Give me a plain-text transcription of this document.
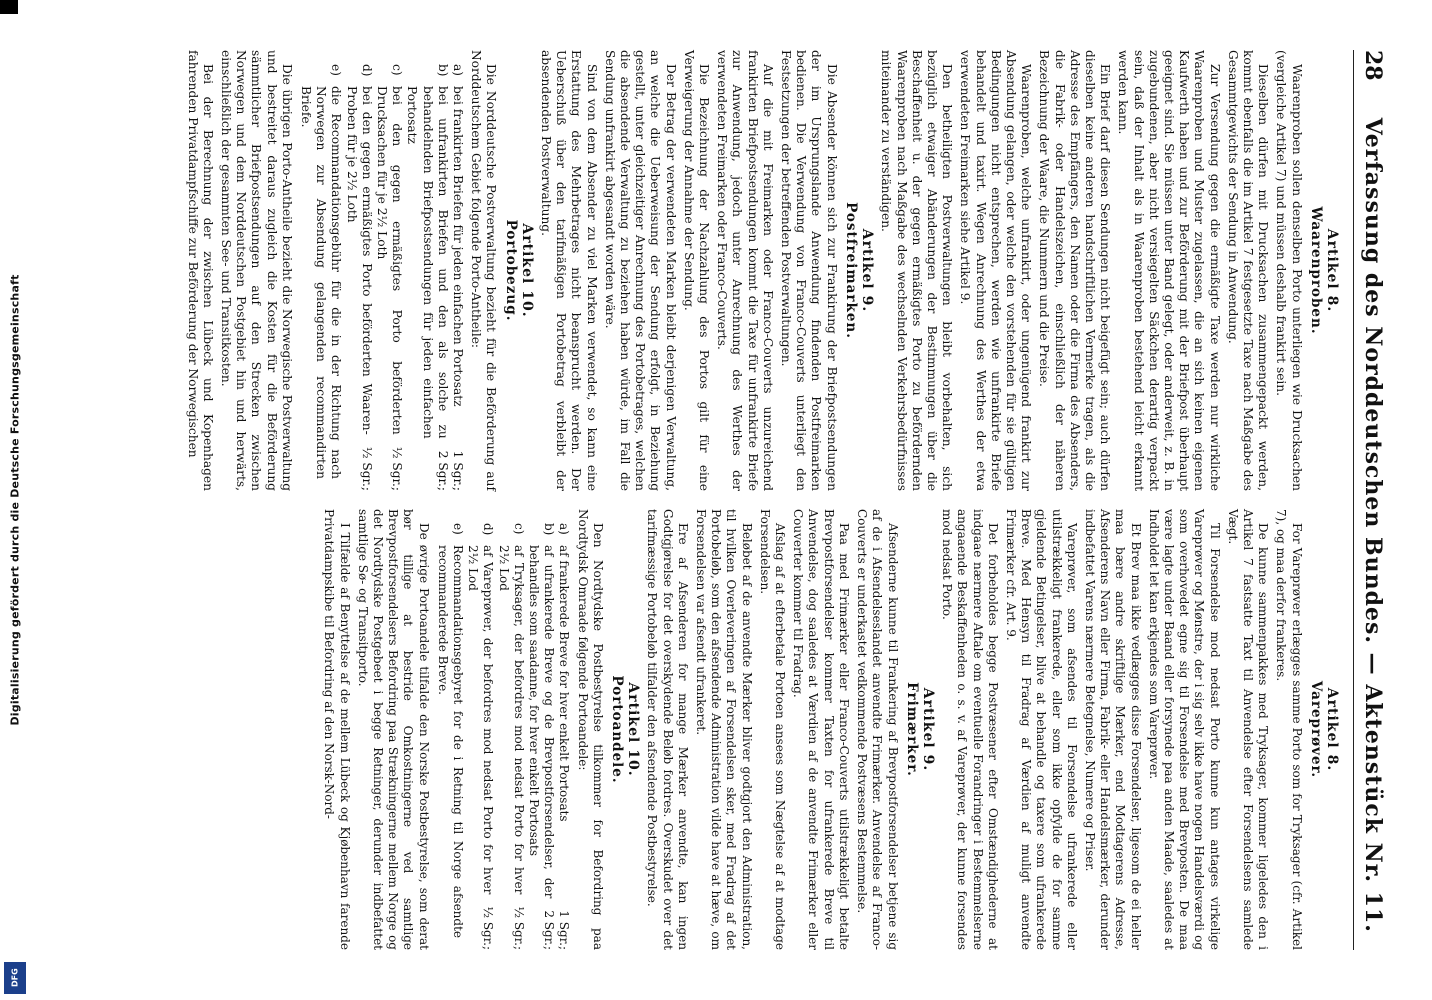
28
Verfassung des Norddeutschen Bundes. — Aktenstück Nr. 11.
Artikel 8.
Waarenproben.
Waarenproben sollen denselben Porto unterliegen wie Drucksachen (vergleiche Artikel 7) und müssen deshalb frankirt sein.
Dieselben dürfen mit Drucksachen zusammengepackt werden, kommt ebenfalls die im Artikel 7 festgesetzte Taxe nach Maßgabe des Gesammtgewichts der Sendung in Anwendung.
Zur Versendung gegen die ermäßigte Taxe werden nur wirkliche Waarenproben und Muster zugelassen, die an sich keinen eigenen Kaufwerth haben und zur Beförderung mit der Briefpost überhaupt geeignet sind. Sie müssen unter Band gelegt, oder anderweit, z. B. in zugebundenen, aber nicht versiegelten Säckchen derartig verpackt sein, daß der Inhalt als in Waarenproben bestehend leicht erkannt werden kann.
Ein Brief darf diesen Sendungen nicht beigefügt sein; auch dürfen dieselben keine anderen handschriftlichen Vermerke tragen, als die Adresse des Empfängers, den Namen oder die Firma des Absenders, die Fabrik- oder Handelszeichen, einschließlich der näheren Bezeichnung der Waare, die Nummern und die Preise.
Waarenproben, welche unfrankirt, oder ungenügend frankirt zur Absendung gelangen, oder welche den vorstehenden für sie gültigen Bedingungen nicht entsprechen, werden wie unfrankirte Briefe behandelt und taxirt. Wegen Anrechnung des Werthes der etwa verwendeten Freimarken siehe Artikel 9.
Den betheiligten Postverwaltungen bleibt vorbehalten, sich bezüglich etwaiger Abänderungen der Bestimmungen über die Beschaffenheit u. der gegen ermäßigtes Porto zu befördernden Waarenproben nach Maßgabe des wechselnden Verkehrsbedürfnisses miteinander zu verständigen.
Artikel 9.
Postfreimarken.
Die Absender können sich zur Frankirung der Briefpostsendungen der im Ursprungslande Anwendung findenden Postfreimarken bedienen. Die Verwendung von Franco-Couverts unterliegt den Festsetzungen der betreffenden Postverwaltungen.
Auf die mit Freimarken oder Franco-Couverts unzureichend frankirten Briefpostsendungen kommt die Taxe für unfrankirte Briefe zur Anwendung, jedoch unter Anrechnung des Werthes der verwendeten Freimarken oder Franco-Couverts.
Die Bezeichnung der Nachzahlung des Portos gilt für eine Verweigerung der Annahme der Sendung.
Der Betrag der verwendeten Marken bleibt derjenigen Verwaltung, an welche die Ueberweisung der Sendung erfolgt, in Beziehung gestellt, unter gleichzeitiger Anrechnung des Portobetrages, welchen die absendende Verwaltung zu beziehen haben würde, im Fall die Sendung unfrankirt abgesandt worden wäre.
Sind von dem Absender zu viel Marken verwendet, so kann eine Erstattung des Mehrbetrages nicht beansprucht werden. Der Ueberschuß über den tarifmäßigen Portobetrag verbleibt der absendenden Postverwaltung.
Artikel 10.
Portobezug.
Die Norddeutsche Postverwaltung bezieht für die Beförderung auf Norddeutschem Gebiet folgende Porto-Antheile:
a)
bei frankirten Briefen für jeden einfachen Portosatz
1 Sgr.;
b)
bei unfrankirten Briefen und den als solche zu behandelnden Briefpostsendungen für jeden einfachen Portosatz
2 Sgr.;
c)
bei den gegen ermäßigtes Porto beförderten Drucksachen für je 2½ Loth
½ Sgr.;
d)
bei den gegen ermäßigtes Porto beförderten Waaren-Proben für je 2½ Loth
½ Sgr.;
e)
die Recommandationsgebühr für die in der Richtung nach Norwegen zur Absendung gelangenden recommandirten Briefe.
Die übrigen Porto-Antheile bezieht die Norwegische Postverwaltung und bestreitet daraus zugleich die Kosten für die Beförderung sämmtlicher Briefpostsendungen auf den Strecken zwischen Norwegen und dem Norddeutschen Postgebiet hin und herwärts, einschließlich der gesammten See- und Transitkosten.
Bei der Berechnung der zwischen Lübeck und Kopenhagen fahrenden Privatdampfschiffe zur Beförderung der Norwegischen
Artikel 8.
Vareprøver.
For Vareprøver erlægges samme Porto som for Tryksager (cfr. Artikel 7), og maa derfor frankeres.
De kunne sammenpakkes med Tryksager, kommer ligeledes den i Artikel 7 fastsatte Taxt til Anvendelse efter Forsendelsens samlede Vægt.
Til Forsendelse mod nedsat Porto kunne kun antages virkelige Vareprøver og Mønstre, der i sig selv ikke have nogen Handelsværdi og som overhovedet egne sig til Forsendelse med Brevposten. De maa være lagte under Baand eller forsynede paa anden Maade, saaledes at Indholdet let kan erkjendes som Vareprøver.
Et Brev maa ikke vedlægges disse Forsendelser, ligesom de ei heller maa bære andre skriftlige Mærker, end Modtagerens Adresse, Afsenderens Navn eller Firma, Fabrik- eller Handelsmærker, derunder indbefattet Varens nærmere Betegnelse, Numere og Priser.
Vareprøver, som afsendes til Forsendelse ufrankerede eller utilstrækkeligt frankerede, eller som ikke opfylde de for samme gjeldende Betingelser, blive at behandle og taxere som ufrankerede Breve. Med Hensyn til Fradrag af Værdien af muligt anvendte Frimærker cfr. Art. 9.
Det forbeholdes begge Postvæsener efter Omstændighederne at indgaae nærmere Aftale om eventuelle Forandringer i Bestemmelserne angaaende Beskaffenheden o. s. v. af Vareprøver, der kunne forsendes mod nedsat Porto.
Artikel 9.
Frimærker.
Afsenderne kunne til Frankering af Brevpostforsendelser betjene sig af de i Afsendelseslandet anvendte Frimærker. Anvendelse af Franco-Couverts er underkastet vedkommende Postvæsens Bestemmelse.
Paa med Frimærker eller Franco-Couverts utilstrækkeligt betalte Brevpostforsendelser kommer Taxten for ufrankerede Breve til Anvendelse, dog saaledes at Værdien af de anvendte Frimærker eller Couverter kommer til Fradrag.
Afslag af at efterbetale Portoen ansees som Nægtelse af at modtage Forsendelsen.
Beløbet af de anvendte Mærker bliver godtgjort den Administration, til hvilken Overleveringen af Forsendelsen sker, med Fradrag af det Portobeløb, som den afsendende Administration vilde have at hæve, om Forsendelsen var afsendt ufrankeret.
Ere af Afsenderen for mange Mærker anvendte, kan ingen Godtgjørelse for det overskydende Beløb fordres. Overskudet over det tarifmæssige Portobeløb tilfalder den afsendende Postbestyrelse.
Artikel 10.
Portoandele.
Den Nordtydske Postbestyrelse tilkommer for Befordring paa Nordtydsk Omraade følgende Portoandele:
a)
af frankerede Breve for hver enkelt Portosats
1 Sgr.;
b)
af ufrankerede Breve og de Brevpostforsendelser, der behandles som saadanne, for hver enkelt Portosats
2 Sgr.;
c)
af Tryksager, der befordres mod nedsat Porto for hver 2½ Lod
½ Sgr.;
d)
af Vareprøver, der befordres mod nedsat Porto for hver 2½ Lod
½ Sgr.;
e)
Recommandationsgebyret for de i Retning til Norge afsendte recommanderede Breve.
De øvrige Portoandele tilfalde den Norske Postbestyrelse, som derat bør tillige at bestride Omkostningerne ved samtlige Brevpostforsendelsers Befordring paa Strækningerne mellem Norge og det Nordtydske Postgebeet i begge Retninger, derunder indbefattet samtlige Sø- og Transitporto.
I Tilfælde af Benyttelse af de mellem Lübeck og Kjøbenhavn farende Privatdampskibe til Befordring af den Norsk-Nord-
Digitalisierung gefördert durch die Deutsche Forschungsgemeinschaft
DFG
